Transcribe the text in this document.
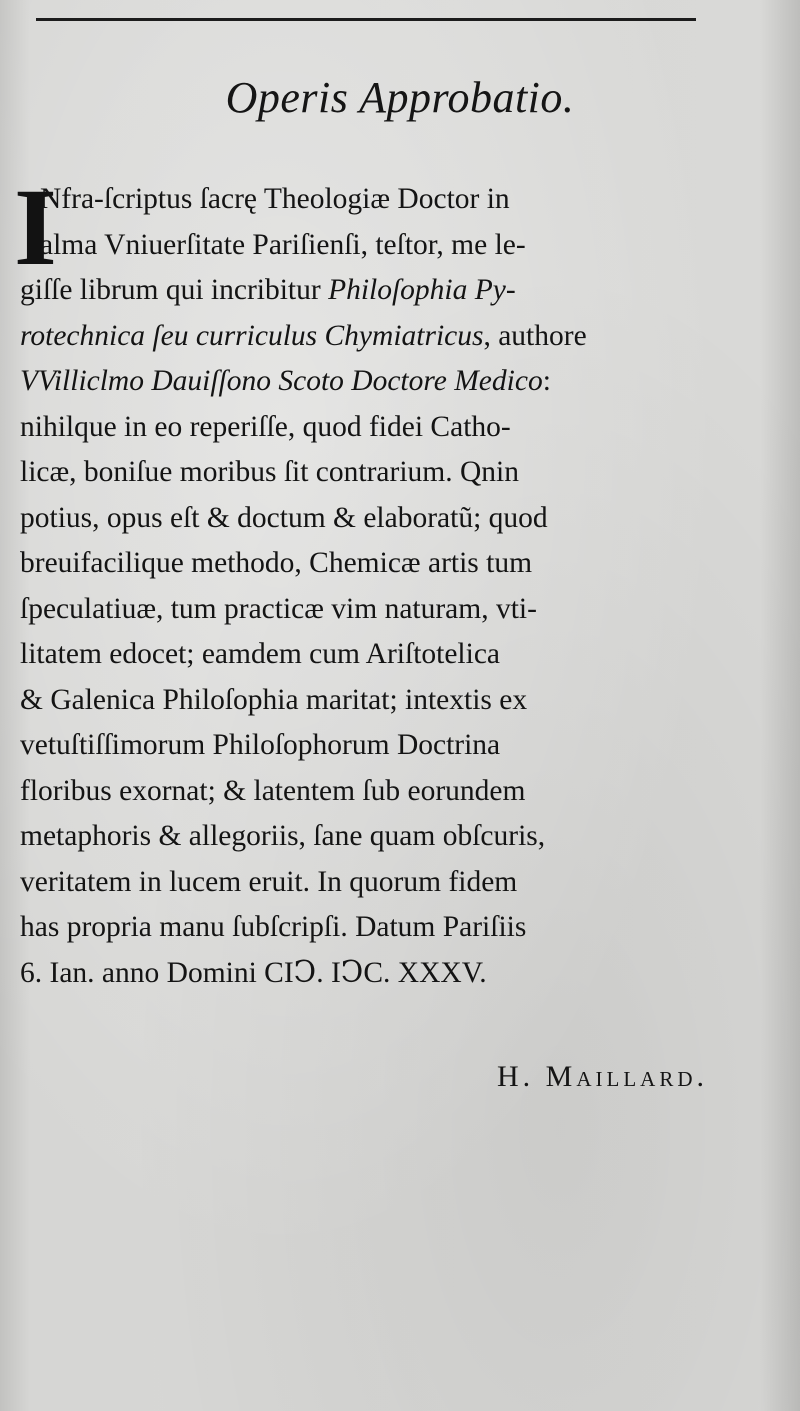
Operis Approbatio.
I
Nfra-ſcriptus ſacrę Theologiæ Doctor in
alma Vniuerſitate Pariſienſi, teſtor, me le-
giſſe librum qui incribitur Philoſophia Py-
rotechnica ſeu curriculus Chymiatricus, authore
VVilliclmo Dauiſſono Scoto Doctore Medico:
nihilque in eo reperiſſe, quod fidei Catho-
licæ, boniſue moribus ſit contrarium. Qnin
potius, opus eſt & doctum & elaboratũ; quod
breuifacilique methodo, Chemicæ artis tum
ſpeculatiuæ, tum practicæ vim naturam, vti-
litatem edocet; eamdem cum Ariſtotelica
& Galenica Philoſophia maritat; intextis ex
vetuſtiſſimorum Philoſophorum Doctrina
floribus exornat; & latentem ſub eorundem
metaphoris & allegoriis, ſane quam obſcuris,
veritatem in lucem eruit. In quorum fidem
has propria manu ſubſcripſi. Datum Pariſiis
6. Ian. anno Domini CIↃ. IↃC. XXXV.
H. Maillard.
